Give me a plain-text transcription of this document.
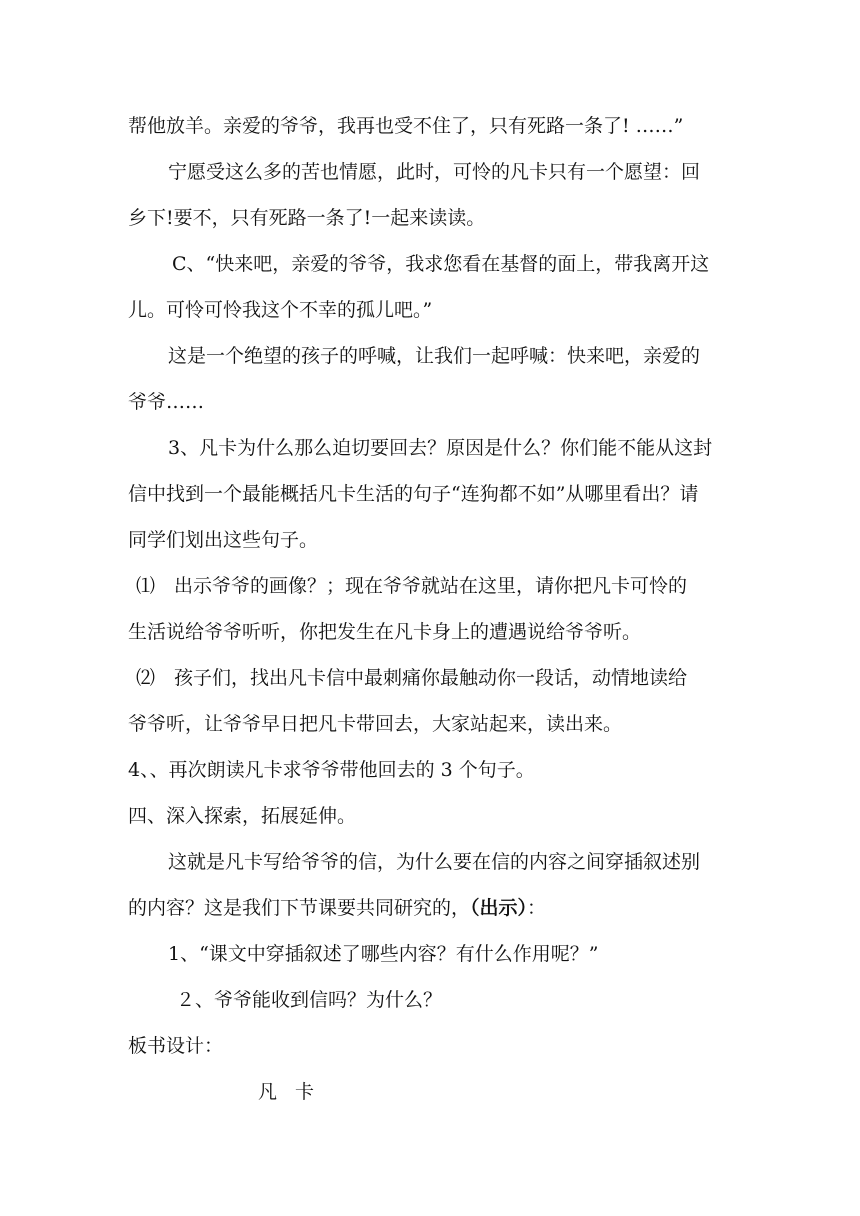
帮他放羊。亲爱的爷爷，我再也受不住了，只有死路一条了! ……”
宁愿受这么多的苦也情愿，此时，可怜的凡卡只有一个愿望：回
乡下!要不，只有死路一条了!一起来读读。
C、“快来吧，亲爱的爷爷，我求您看在基督的面上，带我离开这
儿。可怜可怜我这个不幸的孤儿吧。”
这是一个绝望的孩子的呼喊，让我们一起呼喊：快来吧，亲爱的
爷爷……
3、凡卡为什么那么迫切要回去？原因是什么？你们能不能从这封
信中找到一个最能概括凡卡生活的句子“连狗都不如”从哪里看出？请
同学们划出这些句子。
⑴　出示爷爷的画像？；现在爷爷就站在这里，请你把凡卡可怜的
生活说给爷爷听听，你把发生在凡卡身上的遭遇说给爷爷听。
⑵　孩子们，找出凡卡信中最刺痛你最触动你一段话，动情地读给
爷爷听，让爷爷早日把凡卡带回去，大家站起来，读出来。
4、、再次朗读凡卡求爷爷带他回去的 3 个句子。
四、深入探索，拓展延伸。
这就是凡卡写给爷爷的信，为什么要在信的内容之间穿插叙述别
的内容？这是我们下节课要共同研究的，（出示）：
1、“课文中穿插叙述了哪些内容？有什么作用呢？”
２、爷爷能收到信吗？为什么？
板书设计：
凡 卡
